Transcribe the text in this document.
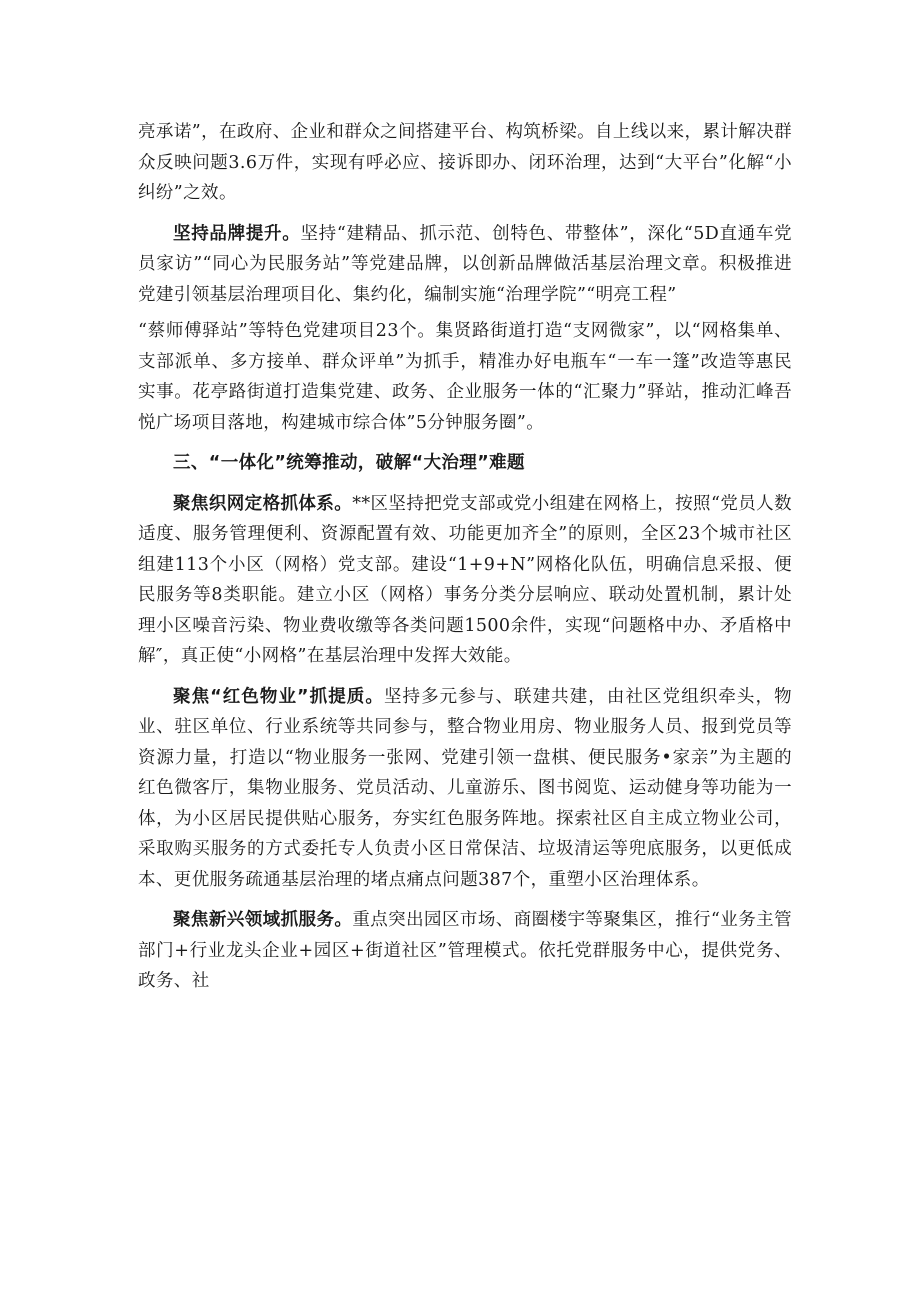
亮承诺”，在政府、企业和群众之间搭建平台、构筑桥梁。自上线以来，累计解决群众反映问题3.6万件，实现有呼必应、接诉即办、闭环治理，达到“大平台”化解“小纠纷”之效。

坚持品牌提升。坚持“建精品、抓示范、创特色、带整体”，深化“5D直通车党员家访”“同心为民服务站”等党建品牌，以创新品牌做活基层治理文章。积极推进党建引领基层治理项目化、集约化，编制实施“治理学院”“明亮工程”

“蔡师傅驿站”等特色党建项目23个。集贤路街道打造“支网微家”，以“网格集单、支部派单、多方接单、群众评单”为抓手，精准办好电瓶车“一车一篷”改造等惠民实事。花亭路街道打造集党建、政务、企业服务一体的“汇聚力”驿站，推动汇峰吾悦广场项目落地，构建城市综合体”5分钟服务圈”。

三、“一体化”统筹推动，破解“大治理”难题

聚焦织网定格抓体系。**区坚持把党支部或党小组建在网格上，按照“党员人数适度、服务管理便利、资源配置有效、功能更加齐全”的原则，全区23个城市社区组建113个小区（网格）党支部。建设“1+9+N”网格化队伍，明确信息采报、便民服务等8类职能。建立小区（网格）事务分类分层响应、联动处置机制，累计处理小区噪音污染、物业费收缴等各类问题1500余件，实现“问题格中办、矛盾格中解″，真正使“小网格”在基层治理中发挥大效能。

聚焦“红色物业”抓提质。坚持多元参与、联建共建，由社区党组织牵头，物业、驻区单位、行业系统等共同参与，整合物业用房、物业服务人员、报到党员等资源力量，打造以“物业服务一张网、党建引领一盘棋、便民服务•家亲”为主题的红色微客厅，集物业服务、党员活动、儿童游乐、图书阅览、运动健身等功能为一体，为小区居民提供贴心服务，夯实红色服务阵地。探索社区自主成立物业公司，采取购买服务的方式委托专人负责小区日常保洁、垃圾清运等兜底服务，以更低成本、更优服务疏通基层治理的堵点痛点问题387个，重塑小区治理体系。

聚焦新兴领域抓服务。重点突出园区市场、商圈楼宇等聚集区，推行“业务主管部门+行业龙头企业+园区+街道社区”管理模式。依托党群服务中心，提供党务、政务、社
